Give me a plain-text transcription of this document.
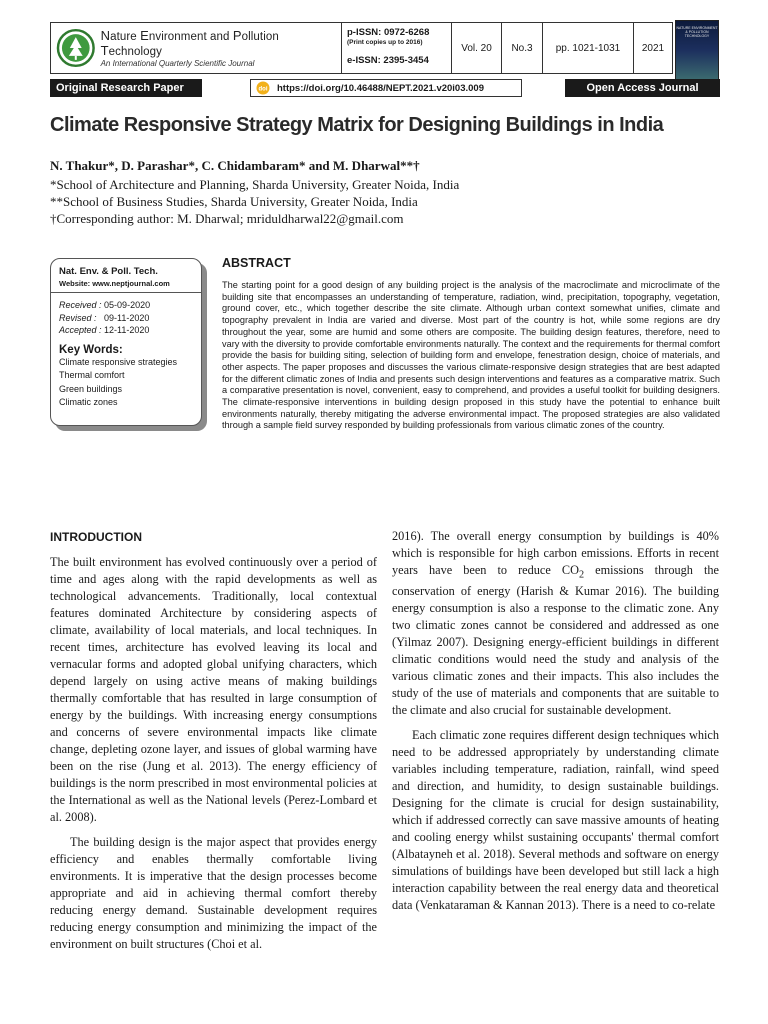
Nature Environment and Pollution Technology
An International Quarterly Scientific Journal
p-ISSN: 0972-6268
(Print copies up to 2016)
e-ISSN: 2395-3454
Vol. 20	No.3	pp. 1021-1031	2021
NATURE ENVIRONMENT & POLLUTION TECHNOLOGY
Original Research Paper	doi https://doi.org/10.46488/NEPT.2021.v20i03.009	Open Access Journal
Climate Responsive Strategy Matrix for Designing Buildings in India
N. Thakur*, D. Parashar*, C. Chidambaram* and M. Dharwal**†
*School of Architecture and Planning, Sharda University, Greater Noida, India
**School of Business Studies, Sharda University, Greater Noida, India
†Corresponding author: M. Dharwal; mriduldharwal22@gmail.com
Nat. Env. & Poll. Tech.
Website: www.neptjournal.com
Received : 05-09-2020
Revised : 09-11-2020
Accepted : 12-11-2020
Key Words:
Climate responsive strategies
Thermal comfort
Green buildings
Climatic zones
ABSTRACT
The starting point for a good design of any building project is the analysis of the macroclimate and microclimate of the building site that encompasses an understanding of temperature, radiation, wind, precipitation, topography, vegetation, ground cover, etc., which together describe the site climate. Although urban context somewhat unifies, climate and topography prevalent in India are varied and diverse. Most part of the country is hot, while some regions are dry throughout the year, some are humid and some others are composite. The building design features, therefore, need to vary with the diversity to provide comfortable environments naturally. The context and the requirements for thermal comfort provide the basis for building siting, selection of building form and envelope, fenestration design, choice of materials, and other aspects. The paper proposes and discusses the various climate-responsive design strategies that are best adapted for the different climatic zones of India and presents such design interventions and features as a comparative matrix. Such a comparative presentation is novel, convenient, easy to comprehend, and provides a useful toolkit for building designers. The climate-responsive interventions in building design proposed in this study have the potential to enhance built environments naturally, thereby mitigating the adverse environmental impact. The proposed strategies are also validated through a sample field survey responded by building professionals from various climatic zones of the country.
INTRODUCTION

The built environment has evolved continuously over a period of time and ages along with the rapid developments as well as technological advancements. Traditionally, local contextual features dominated Architecture by considering aspects of climate, availability of local materials, and local techniques. In recent times, architecture has evolved leaving its local and vernacular forms and adopted global unifying characters, which depend largely on using active means of making buildings thermally comfortable that has resulted in large consumption of energy by the buildings. With increasing energy consumptions and concerns of severe environmental impacts like climate change, depleting ozone layer, and issues of global warming have been on the rise (Jung et al. 2013). The energy efficiency of buildings is the norm prescribed in most environmental policies at the International as well as the National levels (Perez-Lombard et al. 2008).

The building design is the major aspect that provides energy efficiency and enables thermally comfortable living environments. It is imperative that the design processes become appropriate and aid in achieving thermal comfort thereby reducing energy demand. Sustainable development requires reducing energy consumption and minimizing the impact of the environment on built structures (Choi et al.

2016). The overall energy consumption by buildings is 40% which is responsible for high carbon emissions. Efforts in recent years have been to reduce $CO_2$ emissions through the conservation of energy (Harish & Kumar 2016). The building energy consumption is also a response to the climatic zone. Any two climatic zones cannot be considered and addressed as one (Yilmaz 2007). Designing energy-efficient buildings in different climatic conditions would need the study and analysis of the various climatic zones and their impacts. This also includes the study of the use of materials and components that are suitable to the climate and also crucial for sustainable development.

Each climatic zone requires different design techniques which need to be addressed appropriately by understanding climate variables including temperature, radiation, rainfall, wind speed and direction, and humidity, to design sustainable buildings. Designing for the climate is crucial for design sustainability, which if addressed correctly can save massive amounts of heating and cooling energy whilst sustaining occupants' thermal comfort (Albatayneh et al. 2018). Several methods and software on energy simulations of buildings have been developed but still lack a high interaction capability between the real energy data and theoretical data (Venkataraman & Kannan 2013). There is a need to co-relate
